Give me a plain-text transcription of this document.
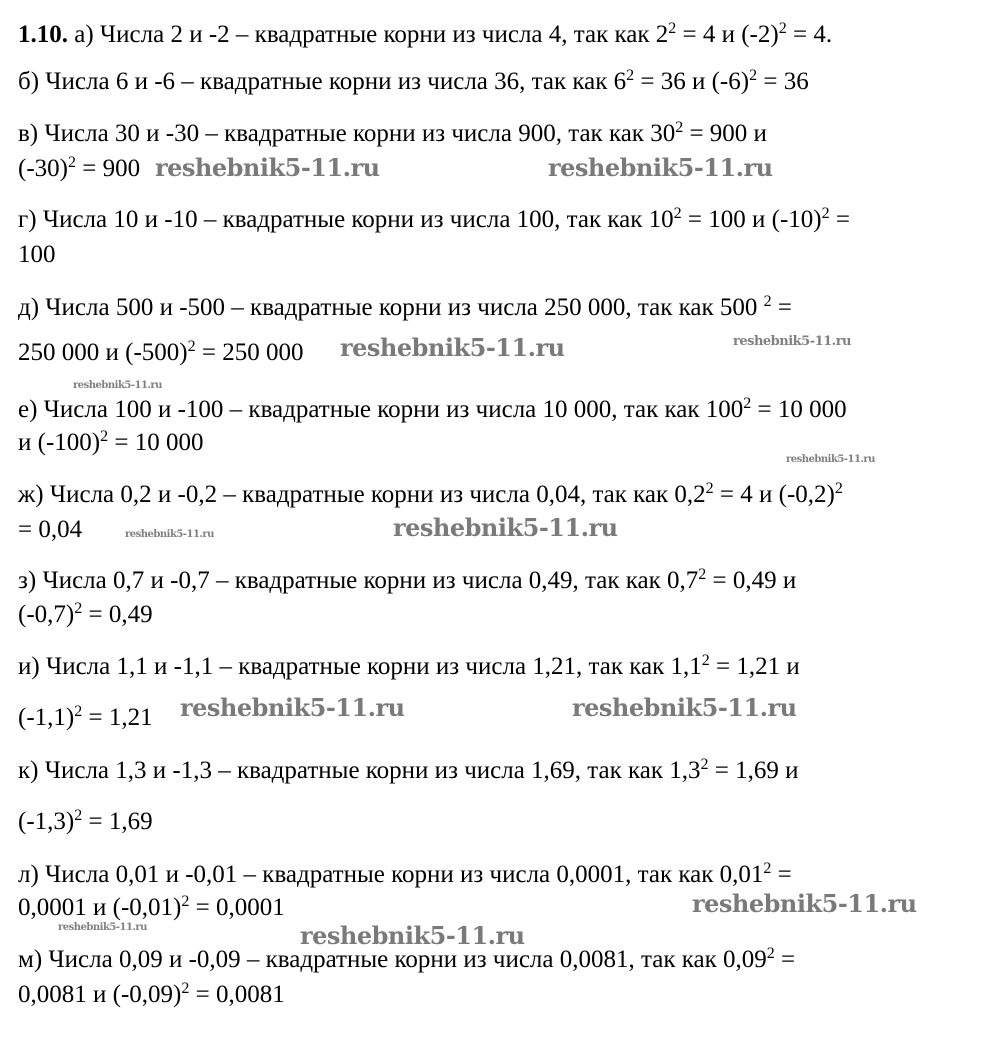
1.10. а) Числа 2 и -2 – квадратные корни из числа 4, так как $2^2 = 4$ и $(-2)^2 = 4$.
б) Числа 6 и -6 – квадратные корни из числа 36, так как $6^2 = 36$ и $(-6)^2 = 36$
в) Числа 30 и -30 – квадратные корни из числа 900, так как $30^2 = 900$ и
$(-30)^2 = 900$
г) Числа 10 и -10 – квадратные корни из числа 100, так как $10^2 = 100$ и $(-10)^2$ =
100
д) Числа 500 и -500 – квадратные корни из числа 250 000, так как 500 $^2$ =
250 000 и $(-500)^2 = 250$ 000
е) Числа 100 и -100 – квадратные корни из числа 10 000, так как $100^2 = 10$ 000
и $(-100)^2 = 10$ 000
ж) Числа 0,2 и -0,2 – квадратные корни из числа 0,04, так как $0,2^2 = 4$ и $(-0,2)^2$
= 0,04
з) Числа 0,7 и -0,7 – квадратные корни из числа 0,49, так как $0,7^2 = 0,49$ и
$(-0,7)^2 = 0,49$
и) Числа 1,1 и -1,1 – квадратные корни из числа 1,21, так как $1,1^2 = 1,21$ и
$(-1,1)^2 = 1,21$
к) Числа 1,3 и -1,3 – квадратные корни из числа 1,69, так как $1,3^2 = 1,69$ и
$(-1,3)^2 = 1,69$
л) Числа 0,01 и -0,01 – квадратные корни из числа 0,0001, так как $0,01^2$ =
0,0001 и $(-0,01)^2 = 0,0001$
м) Числа 0,09 и -0,09 – квадратные корни из числа 0,0081, так как $0,09^2$ =
0,0081 и $(-0,09)^2 = 0,0081$
reshebnik5-11.ru	reshebnik5-11.ru
reshebnik5-11.ru	reshebnik5-11.ru
reshebnik5-11.ru
reshebnik5-11.ru
reshebnik5-11.ru	reshebnik5-11.ru
reshebnik5-11.ru	reshebnik5-11.ru
reshebnik5-11.ru
reshebnik5-11.ru	reshebnik5-11.ru
